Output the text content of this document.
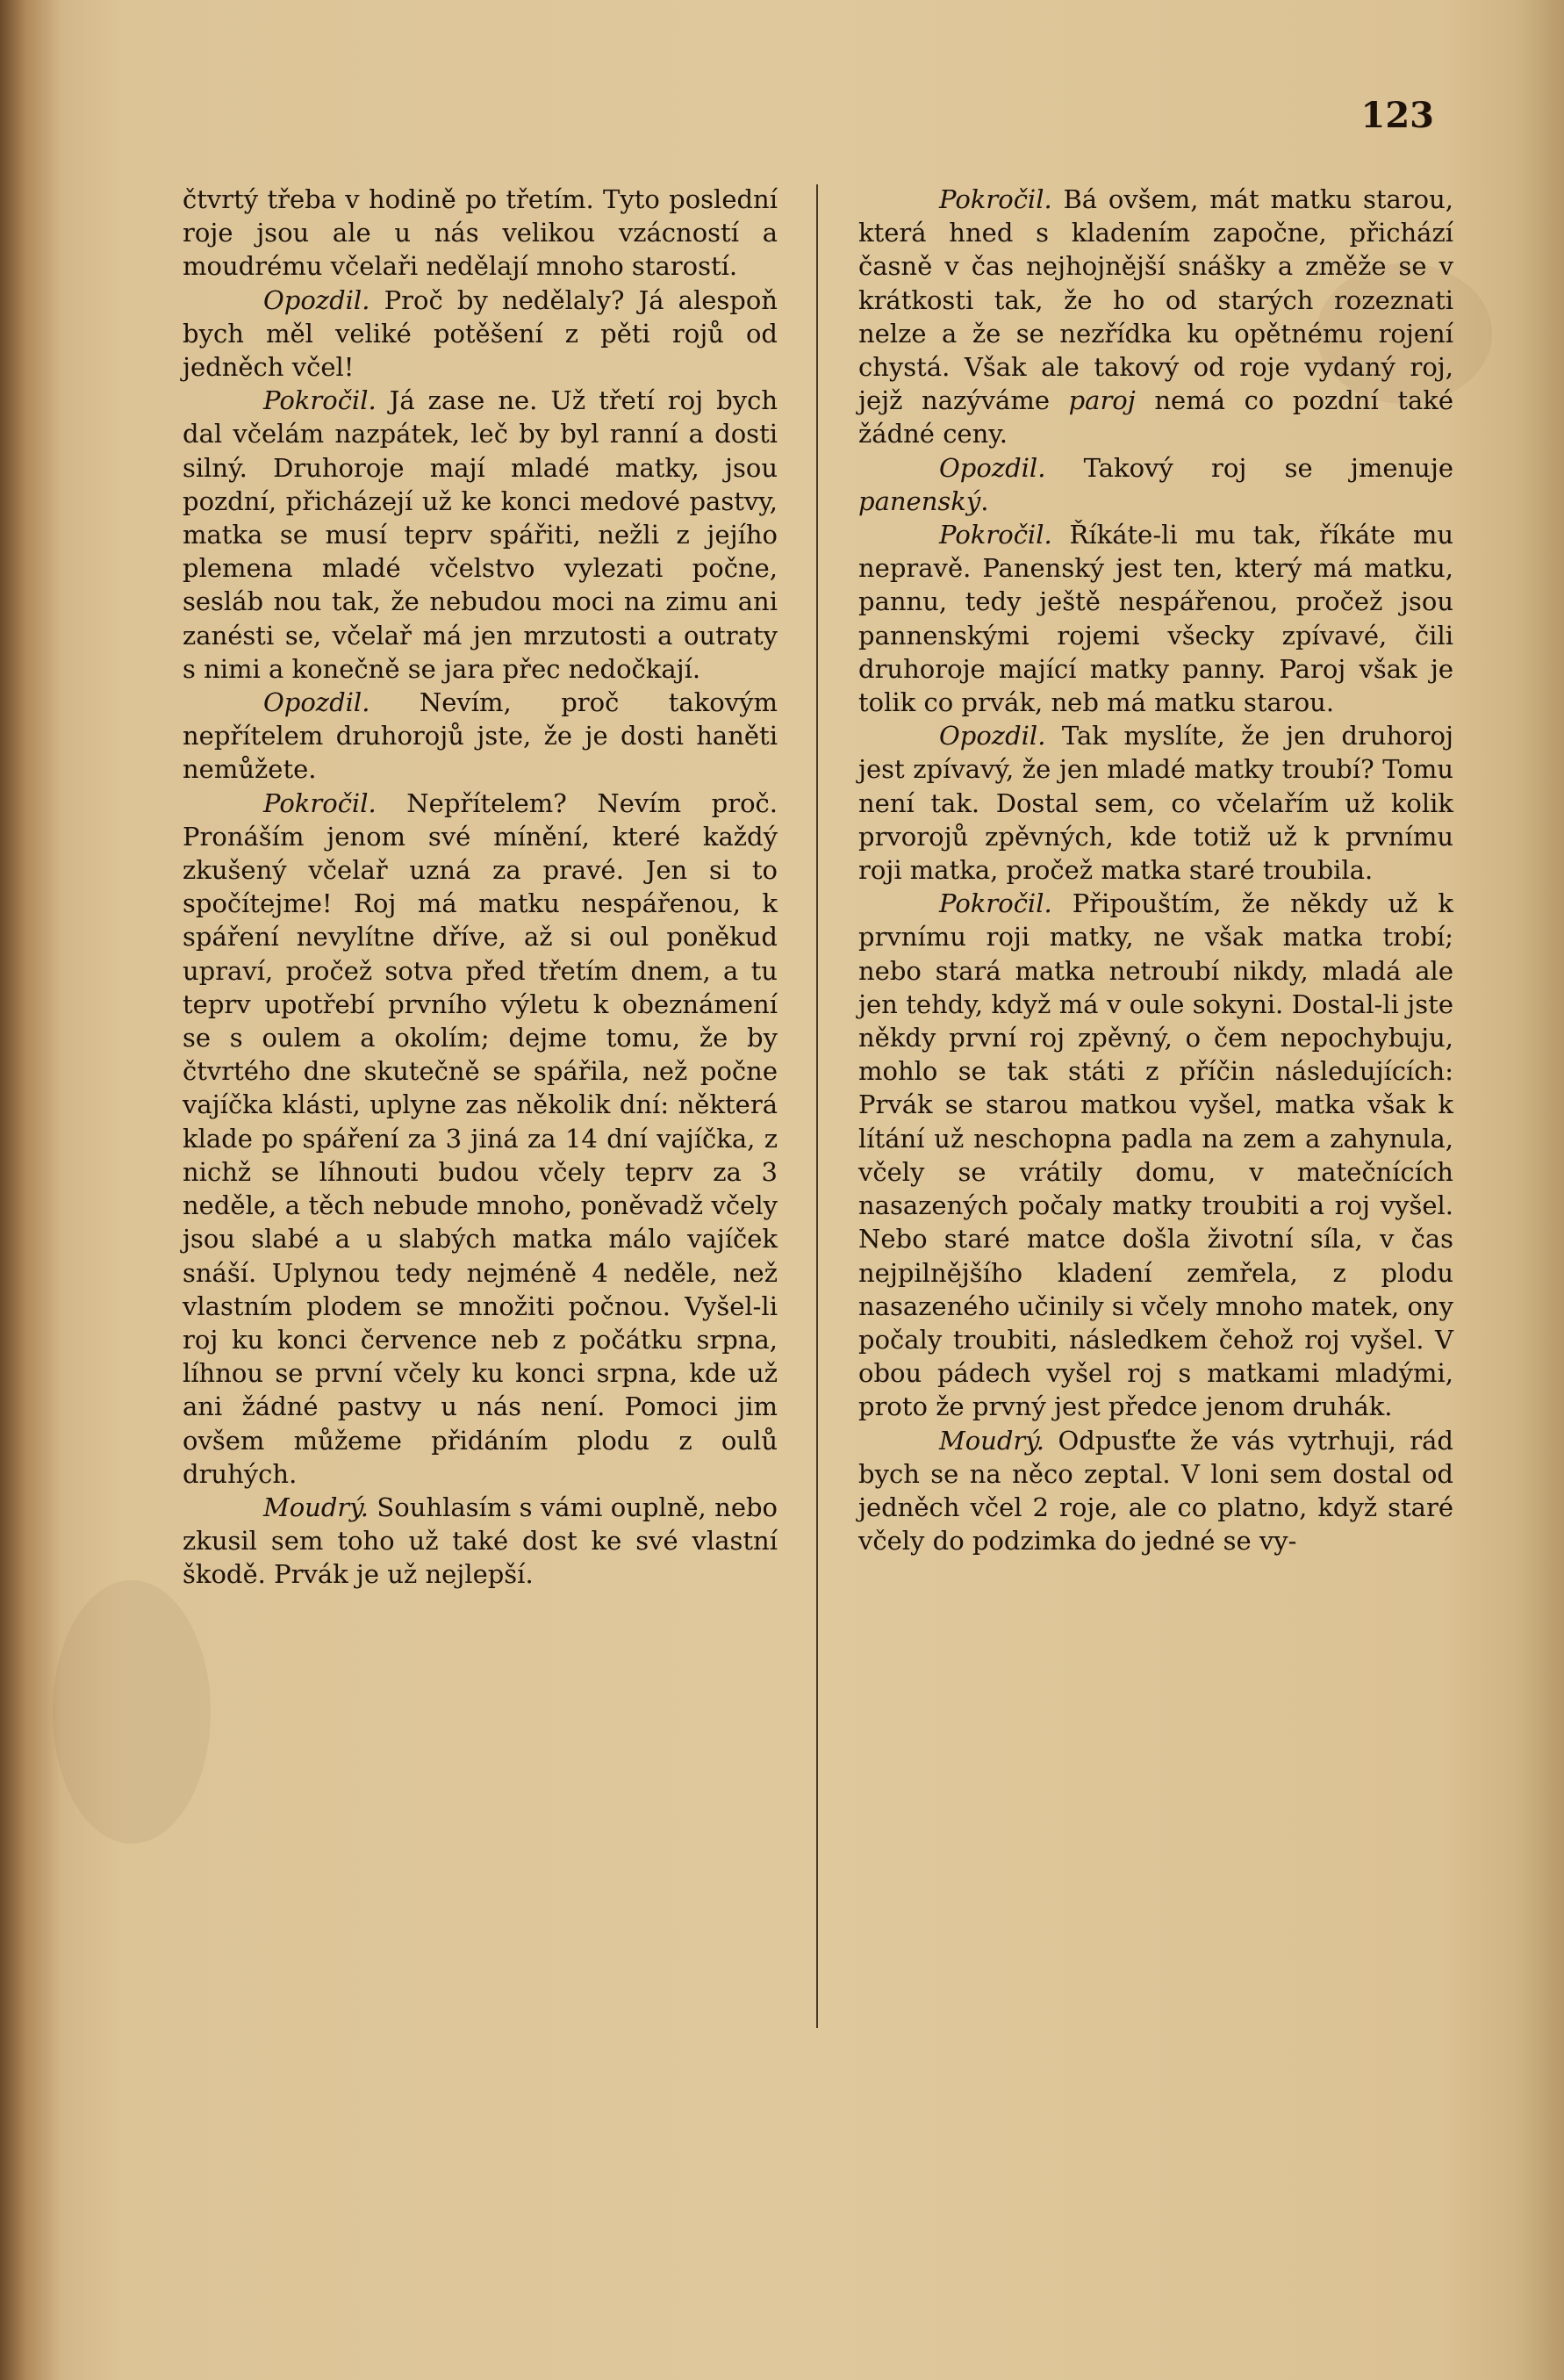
123

čtvrtý třeba v hodině po třetím. Tyto poslední roje jsou ale u nás velikou vzácností a moudrému včelaři nedělají mnoho starostí.

Opozdil. Proč by nedělaly? Já alespoň bych měl veliké potěšení z pěti rojů od jedněch včel!

Pokročil. Já zase ne. Už třetí roj bych dal včelám nazpátek, leč by byl ranní a dosti silný. Druhoroje mají mladé matky, jsou pozdní, přicházejí už ke konci medové pastvy, matka se musí teprv spářiti, nežli z jejího plemena mladé včelstvo vylezati počne, sesláb nou tak, že nebudou moci na zimu ani zanésti se, včelař má jen mrzutosti a outraty s nimi a konečně se jara přec nedočkají.

Opozdil. Nevím, proč takovým nepřítelem druhorojů jste, že je dosti haněti nemůžete.

Pokročil. Nepřítelem? Nevím proč. Pronáším jenom své mínění, které každý zkušený včelař uzná za pravé. Jen si to spočítejme! Roj má matku nespářenou, k spáření nevylítne dříve, až si oul poněkud upraví, pročež sotva před třetím dnem, a tu teprv upotřebí prvního výletu k obeznámení se s oulem a okolím; dejme tomu, že by čtvrtého dne skutečně se spářila, než počne vajíčka klásti, uplyne zas několik dní: některá klade po spáření za 3 jiná za 14 dní vajíčka, z nichž se líhnouti budou včely teprv za 3 neděle, a těch nebude mnoho, poněvadž včely jsou slabé a u slabých matka málo vajíček snáší. Uplynou tedy nejméně 4 neděle, než vlastním plodem se množiti počnou. Vyšel-li roj ku konci července neb z počátku srpna, líhnou se první včely ku konci srpna, kde už ani žádné pastvy u nás není. Pomoci jim ovšem můžeme přidáním plodu z oulů druhých.

Moudrý. Souhlasím s vámi ouplně, nebo zkusil sem toho už také dost ke své vlastní škodě. Prvák je už nejlepší.

Pokročil. Bá ovšem, mát matku starou, která hned s kladením započne, přichází časně v čas nejhojnější snášky a změže se v krátkosti tak, že ho od starých rozeznati nelze a že se nezřídka ku opětnému rojení chystá. Však ale takový od roje vydaný roj, jejž nazýváme paroj nemá co pozdní také žádné ceny.

Opozdil. Takový roj se jmenuje panenský.

Pokročil. Říkáte-li mu tak, říkáte mu nepravě. Panenský jest ten, který má matku, pannu, tedy ještě nespářenou, pročež jsou pannenskými rojemi všecky zpívavé, čili druhoroje mající matky panny. Paroj však je tolik co prvák, neb má matku starou.

Opozdil. Tak myslíte, že jen druhoroj jest zpívavý, že jen mladé matky troubí? Tomu není tak. Dostal sem, co včelařím už kolik prvorojů zpěvných, kde totiž už k prvnímu roji matka, pročež matka staré troubila.

Pokročil. Připouštím, že někdy už k prvnímu roji matky, ne však matka trobí; nebo stará matka netroubí nikdy, mladá ale jen tehdy, když má v oule sokyni. Dostal-li jste někdy první roj zpěvný, o čem nepochybuju, mohlo se tak státi z příčin následujících: Prvák se starou matkou vyšel, matka však k lítání už neschopna padla na zem a zahynula, včely se vrátily domu, v matečnících nasazených počaly matky troubiti a roj vyšel. Nebo staré matce došla životní síla, v čas nejpilnějšího kladení zemřela, z plodu nasazeného učinily si včely mnoho matek, ony počaly troubiti, následkem čehož roj vyšel. V obou pádech vyšel roj s matkami mladými, proto že prvný jest předce jenom druhák.

Moudrý. Odpusťte že vás vytrhuji, rád bych se na něco zeptal. V loni sem dostal od jedněch včel 2 roje, ale co platno, když staré včely do podzimka do jedné se vy-
